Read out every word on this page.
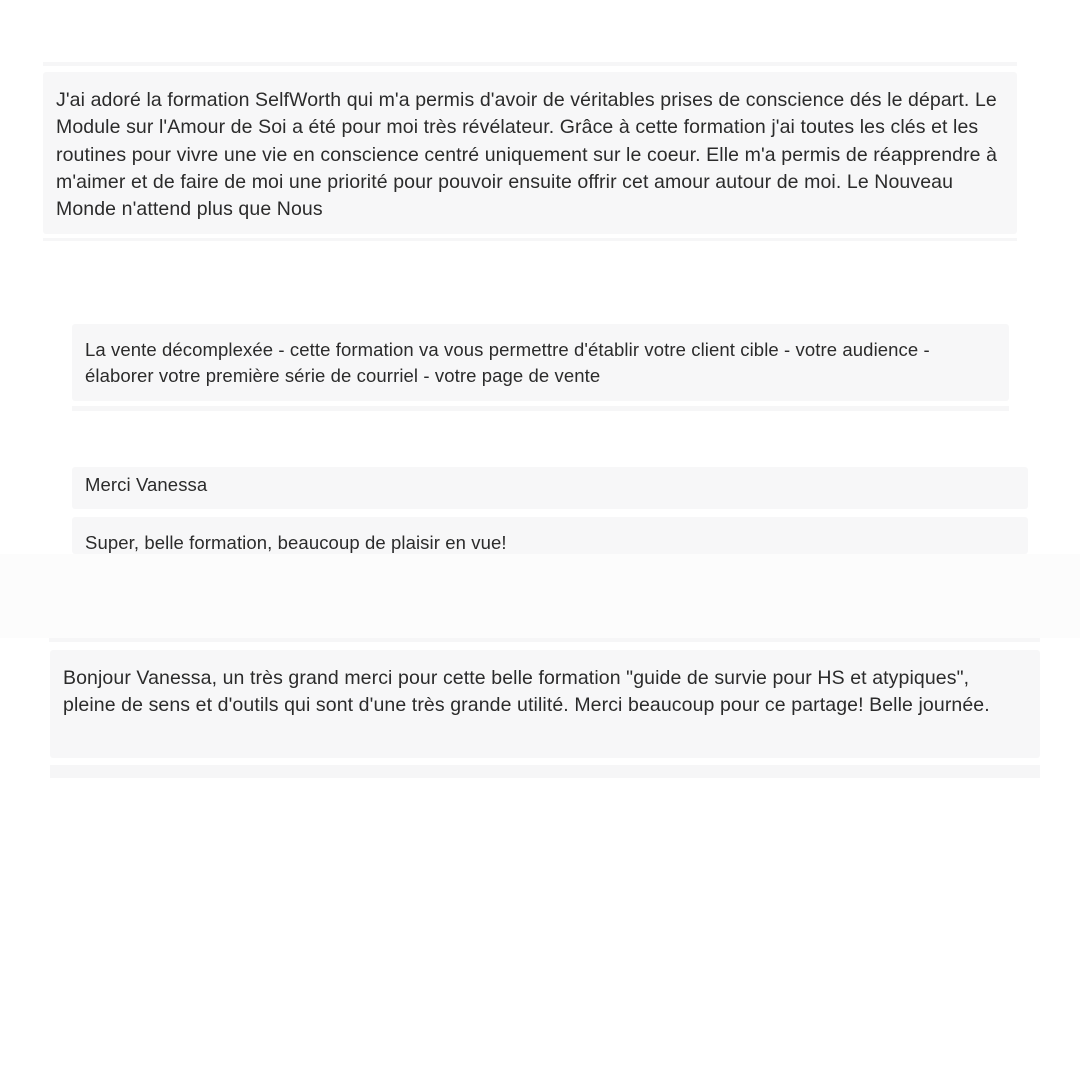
J'ai adoré la formation SelfWorth qui m'a permis d'avoir de véritables prises de conscience dés le départ. Le Module sur l'Amour de Soi a été pour moi très révélateur. Grâce à cette formation j'ai toutes les clés et les routines pour vivre une vie en conscience centré uniquement sur le coeur. Elle m'a permis de réapprendre à m'aimer et de faire de moi une priorité pour pouvoir ensuite offrir cet amour autour de moi. Le Nouveau Monde n'attend plus que Nous

La vente décomplexée - cette formation va vous permettre d'établir votre client cible - votre audience - élaborer votre première série de courriel - votre page de vente

Merci Vanessa

Super, belle formation, beaucoup de plaisir en vue!

Bonjour Vanessa, un très grand merci pour cette belle formation "guide de survie pour HS et atypiques", pleine de sens et d'outils qui sont d'une très grande utilité. Merci beaucoup pour ce partage! Belle journée.
